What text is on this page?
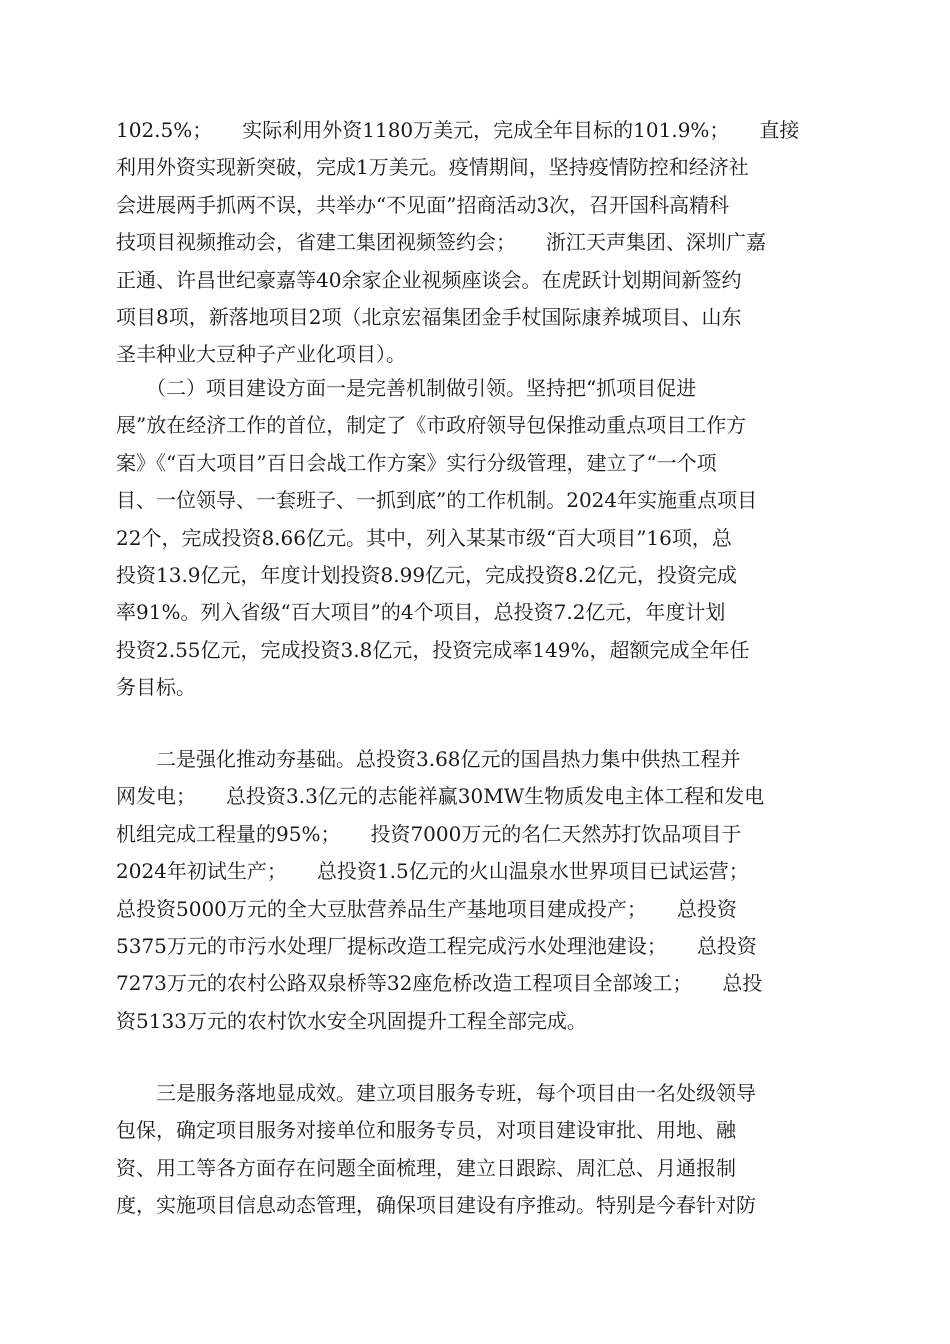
102.5%；　　实际利用外资1180万美元，完成全年目标的101.9%；　　直接
利用外资实现新突破，完成1万美元。疫情期间，坚持疫情防控和经济社
会进展两手抓两不误，共举办“不见面”招商活动3次，召开国科高精科
技项目视频推动会，省建工集团视频签约会；　　浙江天声集团、深圳广嘉
正通、许昌世纪豪嘉等40余家企业视频座谈会。在虎跃计划期间新签约
项目8项，新落地项目2项（北京宏福集团金手杖国际康养城项目、山东
圣丰种业大豆种子产业化项目）。
　　（二）项目建设方面一是完善机制做引领。坚持把“抓项目促进
展”放在经济工作的首位，制定了《市政府领导包保推动重点项目工作方
案》《“百大项目”百日会战工作方案》实行分级管理，建立了“一个项
目、一位领导、一套班子、一抓到底”的工作机制。2024年实施重点项目
22个，完成投资8.66亿元。其中，列入某某市级“百大项目”16项，总
投资13.9亿元，年度计划投资8.99亿元，完成投资8.2亿元，投资完成
率91%。列入省级“百大项目”的4个项目，总投资7.2亿元，年度计划
投资2.55亿元，完成投资3.8亿元，投资完成率149%，超额完成全年任
务目标。
　　二是强化推动夯基础。总投资3.68亿元的国昌热力集中供热工程并
网发电；　　总投资3.3亿元的志能祥赢30MW生物质发电主体工程和发电
机组完成工程量的95%；　　投资7000万元的名仁天然苏打饮品项目于
2024年初试生产；　　总投资1.5亿元的火山温泉水世界项目已试运营；
总投资5000万元的全大豆肽营养品生产基地项目建成投产；　　总投资
5375万元的市污水处理厂提标改造工程完成污水处理池建设；　　总投资
7273万元的农村公路双泉桥等32座危桥改造工程项目全部竣工；　　总投
资5133万元的农村饮水安全巩固提升工程全部完成。
　　三是服务落地显成效。建立项目服务专班，每个项目由一名处级领导
包保，确定项目服务对接单位和服务专员，对项目建设审批、用地、融
资、用工等各方面存在问题全面梳理，建立日跟踪、周汇总、月通报制
度，实施项目信息动态管理，确保项目建设有序推动。特别是今春针对防
